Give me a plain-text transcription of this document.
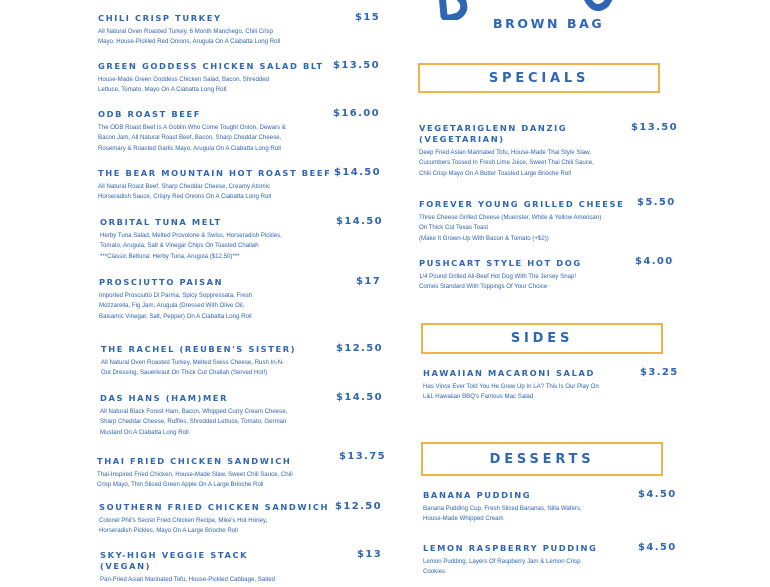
BROWN BAG
CHILI CRISP TURKEY
All Natural Oven Roasted Turkey, 6 Month Manchego, Chili Crisp
Mayo, House-Pickled Red Onions, Arugula On A Ciabatta Long Roll
$15
GREEN GODDESS CHICKEN SALAD BLT
House-Made Green Goddess Chicken Salad, Bacon, Shredded
Lettuce, Tomato, Mayo On A Ciabatta Long Roll
$13.50
ODB ROAST BEEF
The ODB Roast Beef Is A Goblin Who Come Tought Onion, Dewars &
Bacon Jam, All Natural Roast Beef, Bacon, Sharp Cheddar Cheese,
Rosemary & Roasted Garlic Mayo, Arugula On A Ciabatta Long Roll
$16.00
THE BEAR MOUNTAIN HOT ROAST BEEF
All Natural Roast Beef, Sharp Cheddar Cheese, Creamy Atomic
Horseradish Sauce, Crispy Red Onions On A Ciabatta Long Roll
$14.50
ORBITAL TUNA MELT
Herby Tuna Salad, Melted Provolone & Swiss, Horseradish Pickles,
Tomato, Arugula, Salt & Vinegar Chips On Toasted Challah
***Classic Beltuna: Herby Tuna, Arugula ($12.50)***
$14.50
PROSCIUTTO PAISAN
Imported Prosciutto Di Parma, Spicy Soppressata, Fresh
Mozzarella, Fig Jam, Arugula (Dressed With Olive Oil,
Balsamic Vinegar, Salt, Pepper) On A Ciabatta Long Roll
$17
THE RACHEL (REUBEN'S SISTER)
All Natural Oven Roasted Turkey, Melted Swiss Cheese, Rush In-N-
Out Dressing, Sauerkraut On Thick Cut Challah (Served Hot!)
$12.50
DAS HANS (HAM)MER
All Natural Black Forest Ham, Bacon, Whipped Curry Cream Cheese,
Sharp Cheddar Cheese, Ruffles, Shredded Lettuce, Tomato, German
Mustard On A Ciabatta Long Roll
$14.50
THAI FRIED CHICKEN SANDWICH
Thai-Inspired Fried Chicken, House-Made Slaw, Sweet Chili Sauce, Chili
Crisp Mayo, Thin Sliced Green Apple On A Large Brioche Roll
$13.75
SOUTHERN FRIED CHICKEN SANDWICH
Colonel Phil's Secret Fried Chicken Recipe, Mike's Hot Honey,
Horseradish Pickles, Mayo On A Large Brioche Roll
$12.50
SKY-HIGH VEGGIE STACK
(VEGAN)
Pan-Fried Asian Marinated Tofu, House-Pickled Cabbage, Salted
$13
SPECIALS
VEGETARIGLENN DANZIG
(VEGETARIAN)
Deep Fried Asian Marinated Tofu, House-Made Thai Style Slaw,
Cucumbers Tossed In Fresh Lime Juice, Sweet Thai Chili Sauce,
Chili Crisp Mayo On A Butter Toasted Large Brioche Roll
$13.50
FOREVER YOUNG GRILLED CHEESE
Three Cheese Grilled Cheese (Muenster, White & Yellow American)
On Thick Cut Texas Toast
(Make It Grown-Up With Bacon & Tomato (+$2))
$5.50
PUSHCART STYLE HOT DOG
1/4 Pound Grilled All-Beef Hot Dog With The Jersey Snap!
Comes Standard With Toppings Of Your Choice
$4.00
SIDES
HAWAIIAN MACARONI SALAD
Has Vince Ever Told You He Grew Up In LA? This Is Our Play On
L&L Hawaiian BBQ's Famous Mac Salad
$3.25
DESSERTS
BANANA PUDDING
Banana Pudding Cup, Fresh Sliced Bananas, Nilla Wafers,
House-Made Whipped Cream
$4.50
LEMON RASPBERRY PUDDING
Lemon Pudding, Layers Of Raspberry Jam & Lemon Crisp
Cookies
$4.50
